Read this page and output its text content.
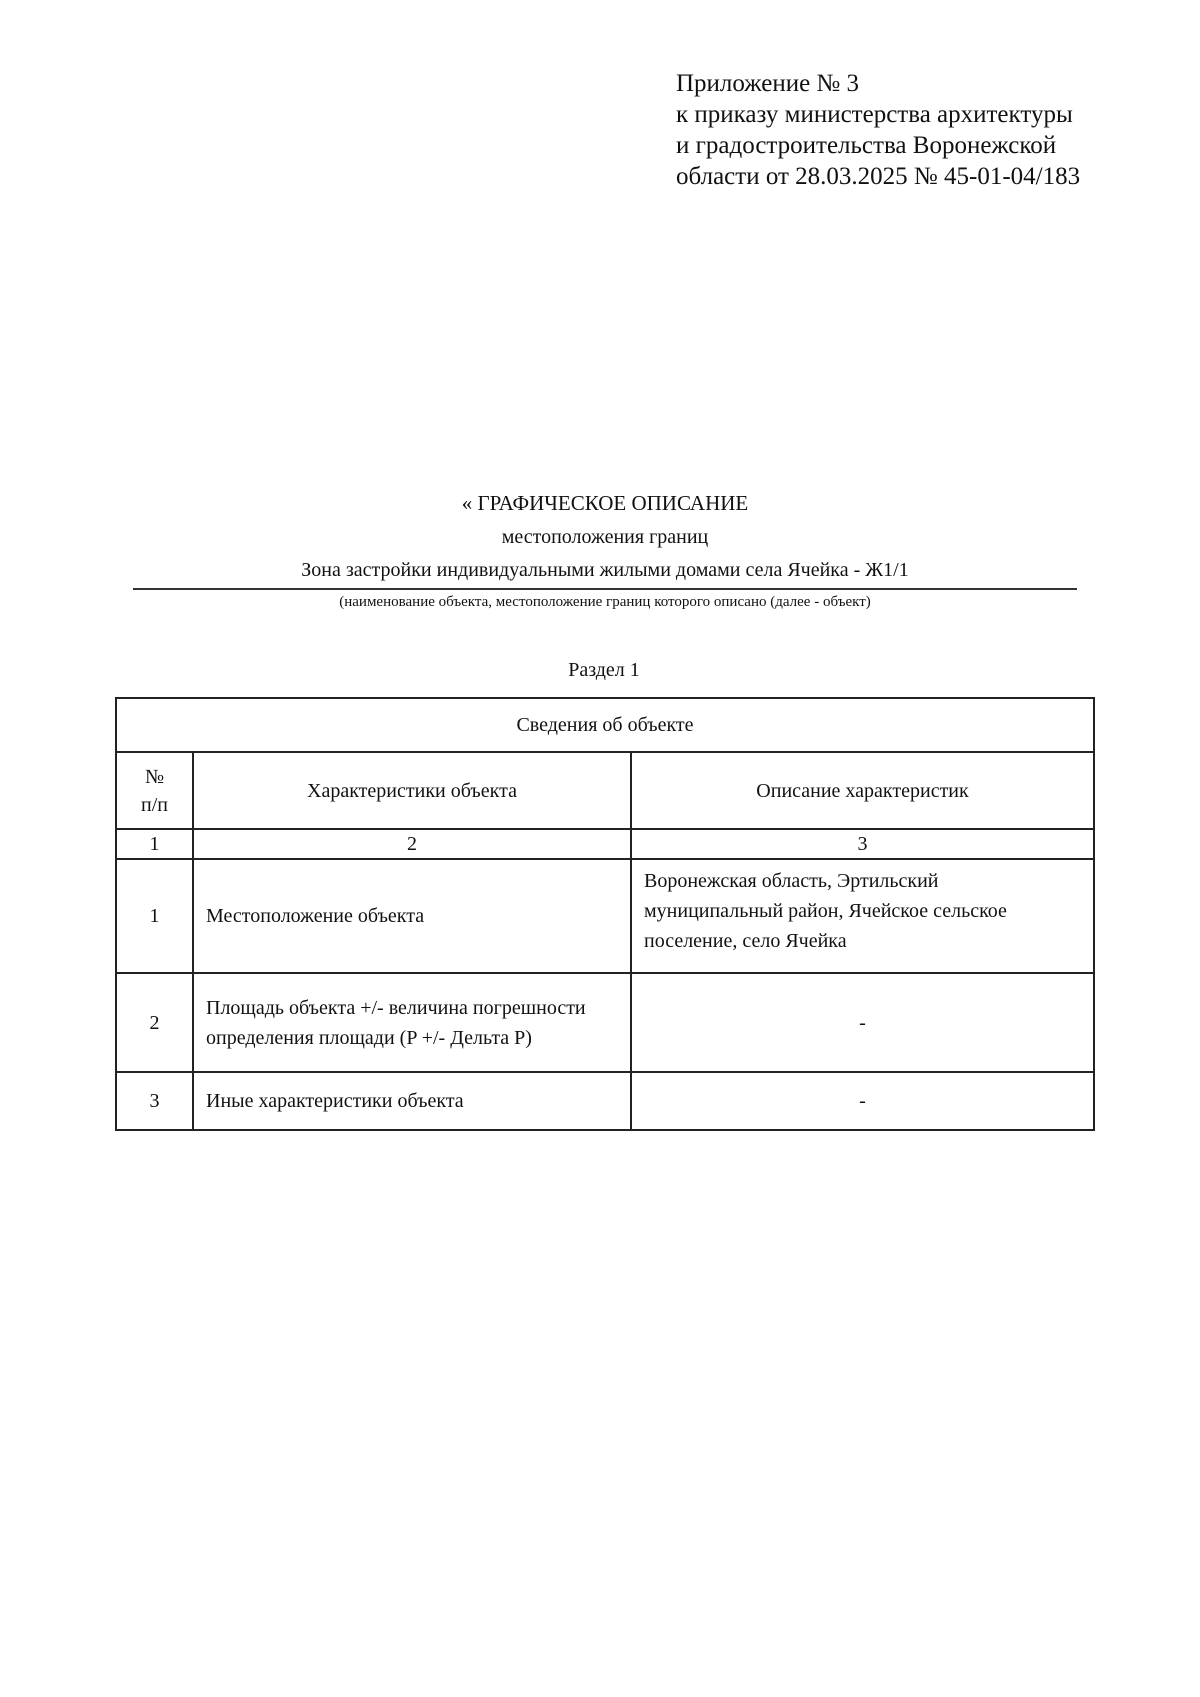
Приложение № 3
к приказу министерства архитектуры
и градостроительства Воронежской
области от 28.03.2025 № 45-01-04/183
« ГРАФИЧЕСКОЕ ОПИСАНИЕ
местоположения границ
Зона застройки индивидуальными жилыми домами села Ячейка - Ж1/1
(наименование объекта, местоположение границ которого описано (далее - объект)
Раздел 1
Сведения об объекте		
№
п/п	Характеристики объекта	Описание характеристик
1	2	3
1	Местоположение объекта	Воронежская область, Эртильский муниципальный район, Ячейское сельское поселение, село Ячейка
2	Площадь объекта +/- величина погрешности определения площади (P +/- Дельта P)	-
3	Иные характеристики объекта	-
